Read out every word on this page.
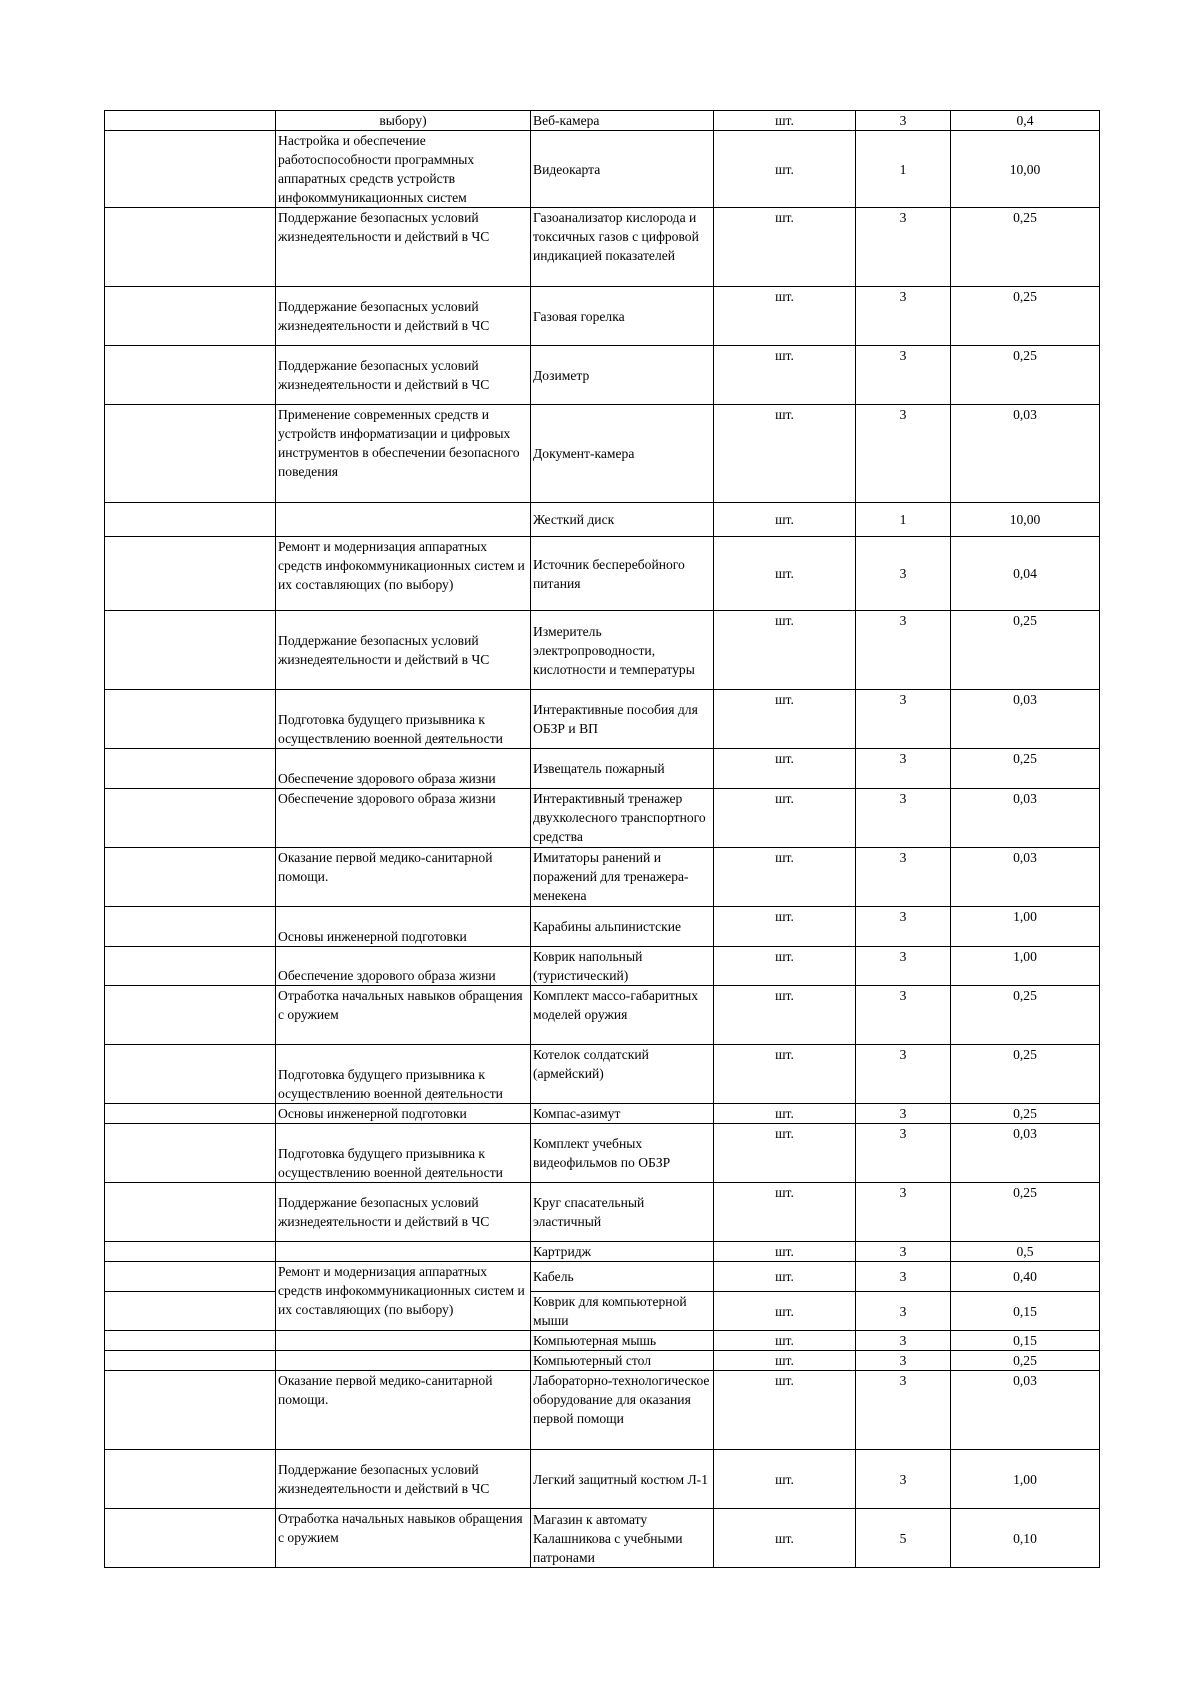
	выбору)	Веб-камера	шт.	3	0,4
	Настройка и обеспечение работоспособности программных аппаратных средств устройств инфокоммуникационных систем	Видеокарта	шт.	1	10,00
	Поддержание безопасных условий жизнедеятельности и действий в ЧС	Газоанализатор кислорода и токсичных газов с цифровой индикацией показателей	шт.	3	0,25
	Поддержание безопасных условий жизнедеятельности и действий в ЧС	Газовая горелка	шт.	3	0,25
	Поддержание безопасных условий жизнедеятельности и действий в ЧС	Дозиметр	шт.	3	0,25
	Применение современных средств и устройств информатизации и цифровых инструментов в обеспечении безопасного поведения	Документ-камера	шт.	3	0,03
		Жесткий диск	шт.	1	10,00
	Ремонт и модернизация аппаратных средств инфокоммуникационных систем и их составляющих (по выбору)	Источник бесперебойного питания	шт.	3	0,04
	Поддержание безопасных условий жизнедеятельности и действий в ЧС	Измеритель электропроводности, кислотности и температуры	шт.	3	0,25
	Подготовка будущего призывника к осуществлению военной деятельности	Интерактивные пособия для ОБЗР и ВП	шт.	3	0,03
	Обеспечение здорового образа жизни	Извещатель пожарный	шт.	3	0,25
	Обеспечение здорового образа жизни	Интерактивный тренажер двухколесного транспортного средства	шт.	3	0,03
	Оказание первой медико-санитарной помощи.	Имитаторы ранений и поражений для тренажера-менекена	шт.	3	0,03
	Основы инженерной подготовки	Карабины альпинистские	шт.	3	1,00
	Обеспечение здорового образа жизни	Коврик напольный (туристический)	шт.	3	1,00
	Отработка начальных навыков обращения с оружием	Комплект массо-габаритных моделей оружия	шт.	3	0,25
	Подготовка будущего призывника к осуществлению военной деятельности	Котелок солдатский (армейский)	шт.	3	0,25
	Основы инженерной подготовки	Компас-азимут	шт.	3	0,25
	Подготовка будущего призывника к осуществлению военной деятельности	Комплект учебных видеофильмов по ОБЗР	шт.	3	0,03
	Поддержание безопасных условий жизнедеятельности и действий в ЧС	Круг спасательный эластичный	шт.	3	0,25
		Картридж	шт.	3	0,5
	Ремонт и модернизация аппаратных средств инфокоммуникационных систем и их составляющих (по выбору)	Кабель	шт.	3	0,40
		Коврик для компьютерной мыши	шт.	3	0,15
		Компьютерная мышь	шт.	3	0,15
		Компьютерный стол	шт.	3	0,25
	Оказание первой медико-санитарной помощи.	Лабораторно-технологическое оборудование для оказания первой помощи	шт.	3	0,03
	Поддержание безопасных условий жизнедеятельности и действий в ЧС	Легкий защитный костюм Л-1	шт.	3	1,00
	Отработка начальных навыков обращения с оружием	Магазин к автомату Калашникова с учебными патронами	шт.	5	0,10
